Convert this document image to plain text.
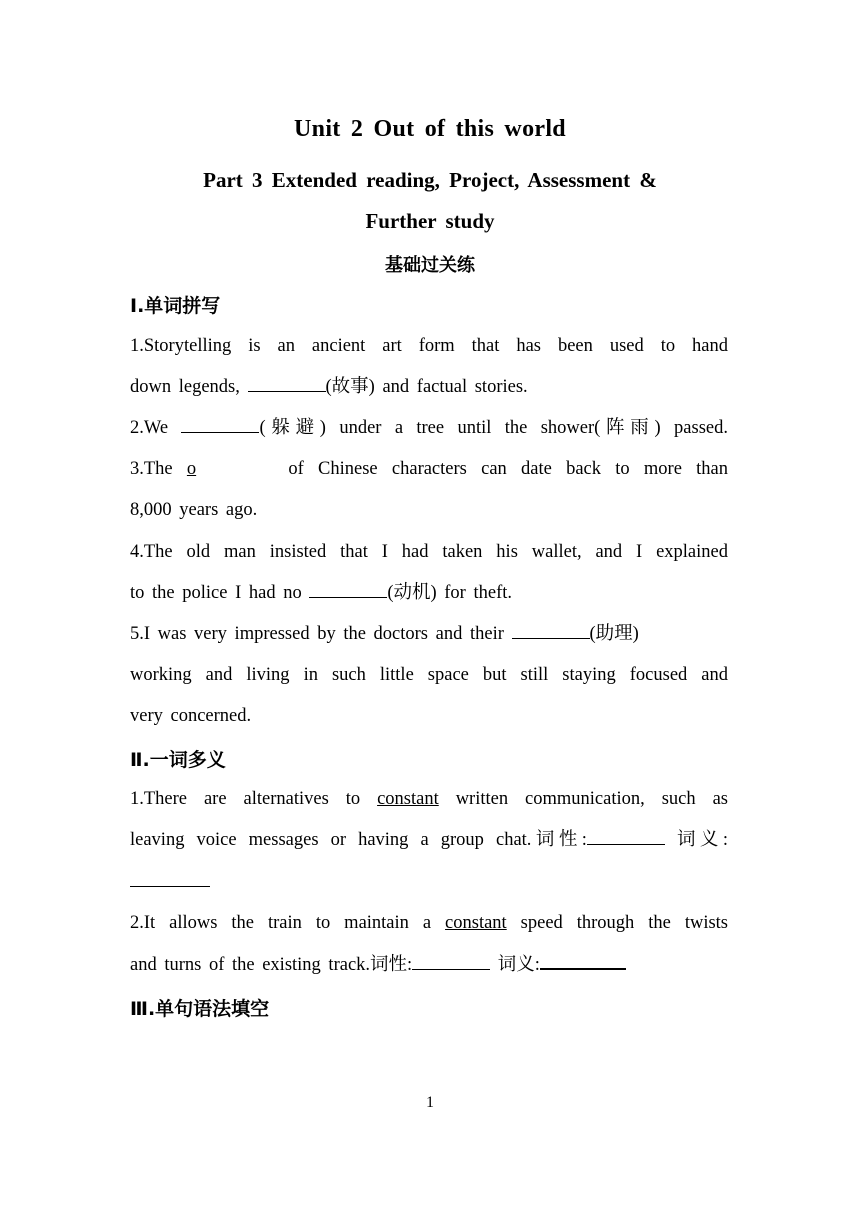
Unit 2 Out of this world
Part 3 Extended reading, Project, Assessment &
Further study
基础过关练
Ⅰ.单词拼写
1.Storytelling is an ancient art form that has been used to hand
down legends,	(故事) and factual stories.
2.We	(躲避) under a tree until the shower(阵雨) passed.
3.The o	of Chinese characters can date back to more than
8,000 years ago.
4.The old man insisted that I had taken his wallet, and I explained
to the police I had no	(动机) for theft.
5.I was very impressed by the doctors and their	(助理)
working and living in such little space but still staying focused and
very concerned.
Ⅱ.一词多义
1.There are alternatives to constant written communication, such as
leaving voice messages or having a group chat.词性:	词义:
2.It allows the train to maintain a constant speed through the twists
and turns of the existing track.词性:	词义:
Ⅲ.单句语法填空
1
